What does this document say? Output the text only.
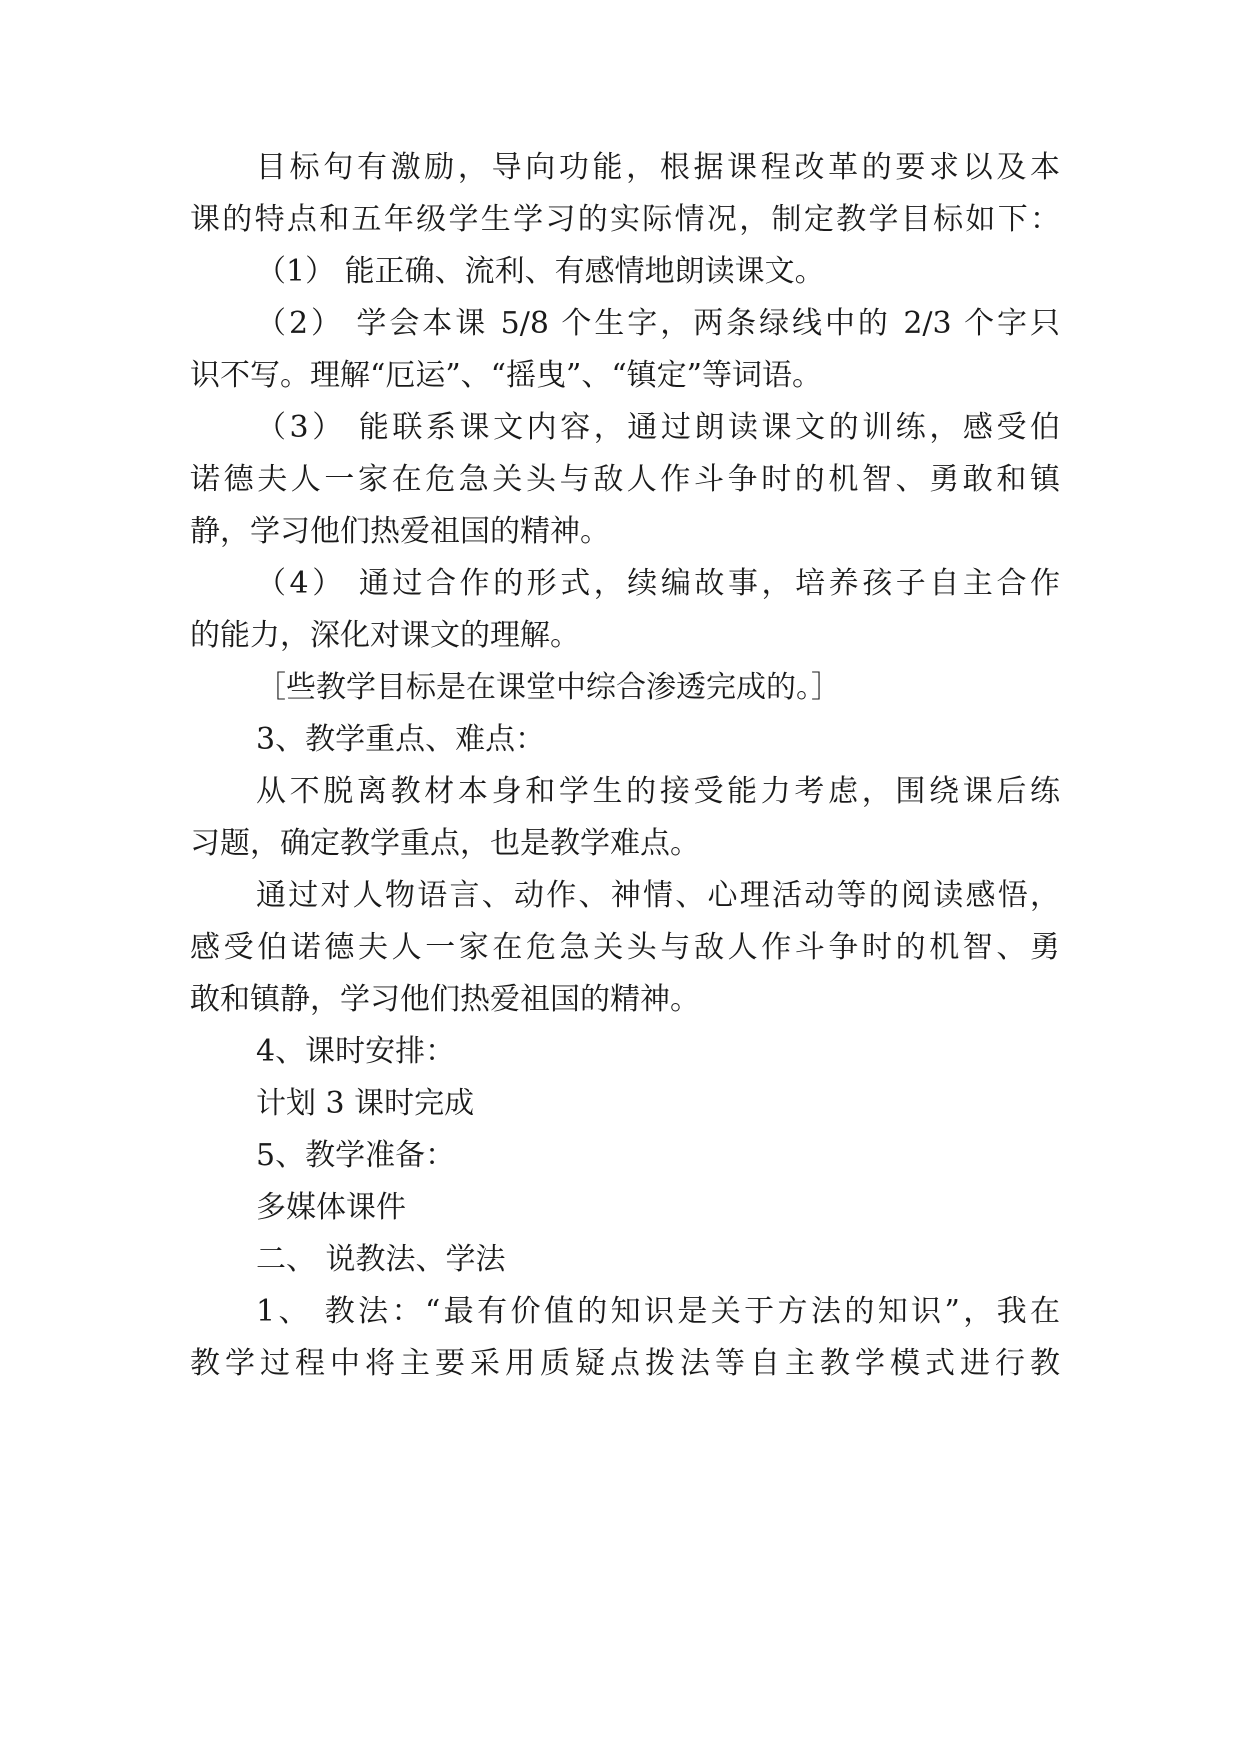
目标句有激励，导向功能，根据课程改革的要求以及本
课的特点和五年级学生学习的实际情况，制定教学目标如下：
（1） 能正确、流利、有感情地朗读课文。
（2） 学会本课 5/8 个生字，两条绿线中的 2/3 个字只
识不写。理解“厄运”、“摇曳”、“镇定”等词语。
（3） 能联系课文内容，通过朗读课文的训练，感受伯
诺德夫人一家在危急关头与敌人作斗争时的机智、勇敢和镇
静，学习他们热爱祖国的精神。
（4） 通过合作的形式，续编故事，培养孩子自主合作
的能力，深化对课文的理解。
［些教学目标是在课堂中综合渗透完成的。］
3、教学重点、难点：
从不脱离教材本身和学生的接受能力考虑，围绕课后练
习题，确定教学重点，也是教学难点。
通过对人物语言、动作、神情、心理活动等的阅读感悟，
感受伯诺德夫人一家在危急关头与敌人作斗争时的机智、勇
敢和镇静，学习他们热爱祖国的精神。
4、课时安排：
计划 3 课时完成
5、教学准备：
多媒体课件
二、 说教法、学法
1、 教法：“最有价值的知识是关于方法的知识”，我在
教学过程中将主要采用质疑点拨法等自主教学模式进行教
